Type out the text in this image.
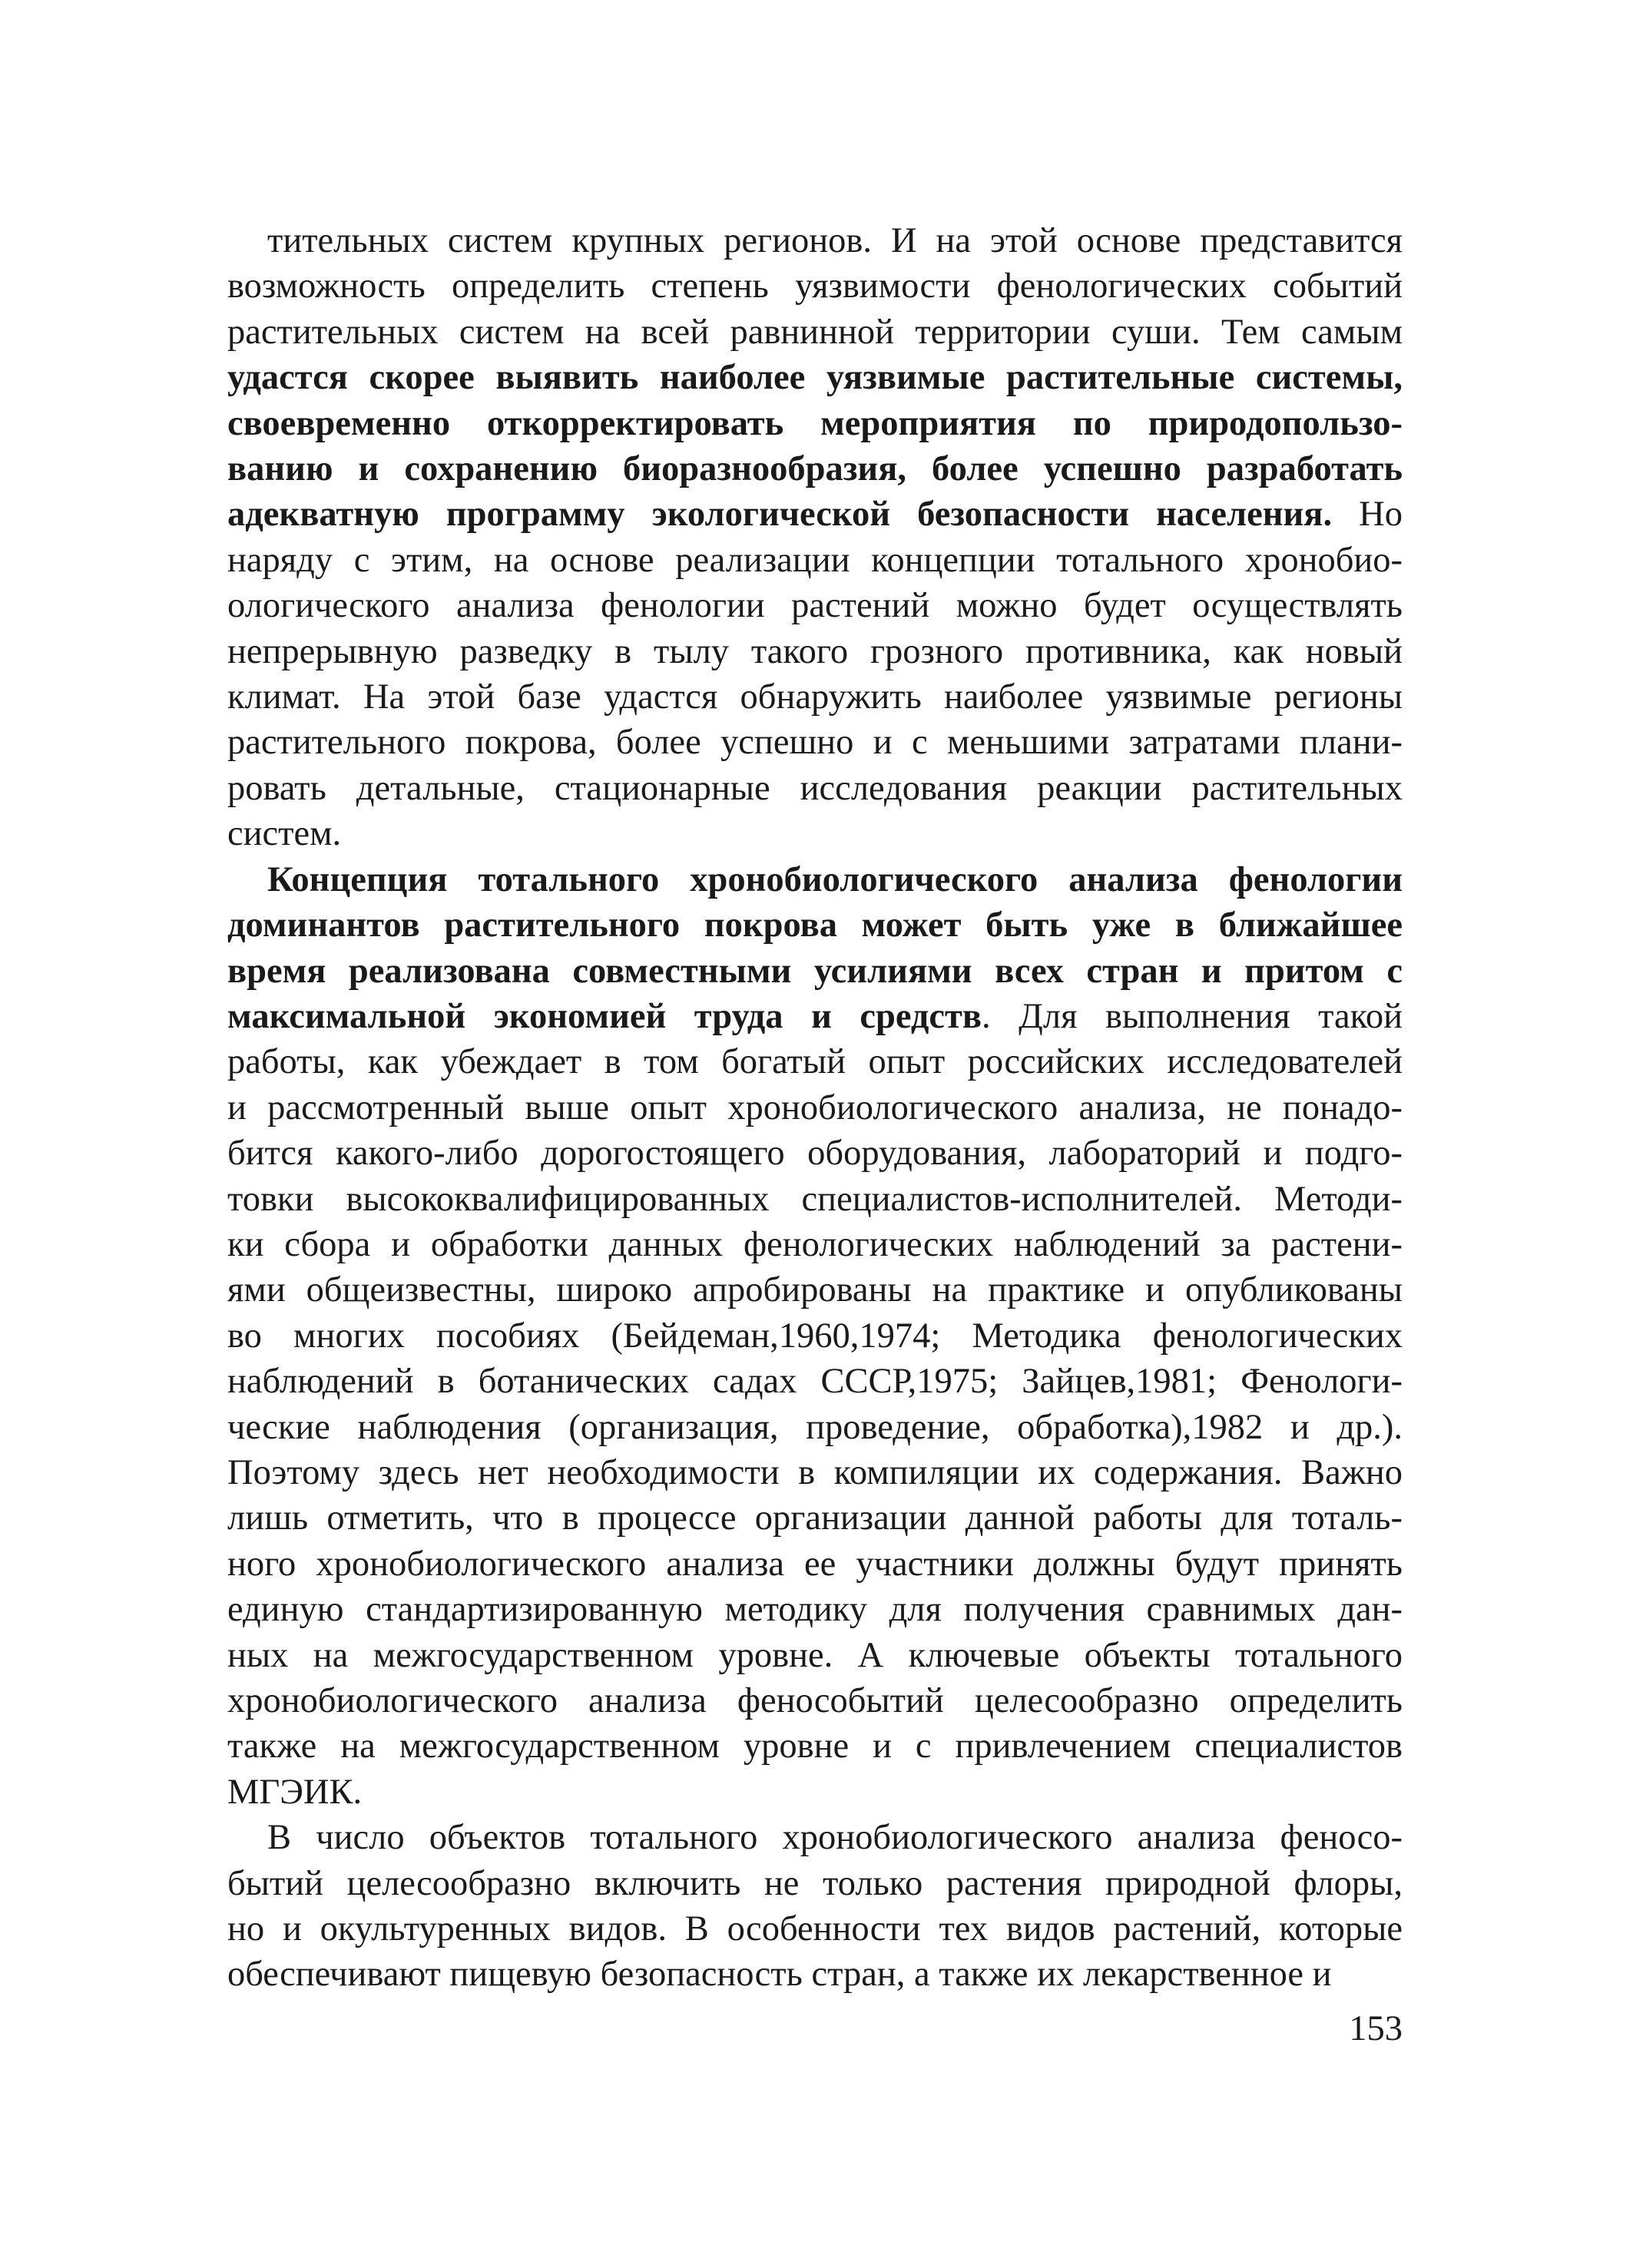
тительных систем крупных регионов. И на этой основе представится
возможность определить степень уязвимости фенологических событий
растительных систем на всей равнинной территории суши. Тем самым
удастся скорее выявить наиболее уязвимые растительные системы,
своевременно откорректировать мероприятия по природопользо-
ванию и сохранению биоразнообразия, более успешно разработать
адекватную программу экологической безопасности населения. Но
наряду с этим, на основе реализации концепции тотального хронобио-
ологического анализа фенологии растений можно будет осуществлять
непрерывную разведку в тылу такого грозного противника, как новый
климат. На этой базе удастся обнаружить наиболее уязвимые регионы
растительного покрова, более успешно и с меньшими затратами плани-
ровать детальные, стационарные исследования реакции растительных
систем.
Концепция тотального хронобиологического анализа фенологии
доминантов растительного покрова может быть уже в ближайшее
время реализована совместными усилиями всех стран и притом с
максимальной экономией труда и средств. Для выполнения такой
работы, как убеждает в том богатый опыт российских исследователей
и рассмотренный выше опыт хронобиологического анализа, не понадо-
бится какого-либо дорогостоящего оборудования, лабораторий и подго-
товки высококвалифицированных специалистов-исполнителей. Методи-
ки сбора и обработки данных фенологических наблюдений за растени-
ями общеизвестны, широко апробированы на практике и опубликованы
во многих пособиях (Бейдеман,1960,1974; Методика фенологических
наблюдений в ботанических садах СССР,1975; Зайцев,1981; Фенологи-
ческие наблюдения (организация, проведение, обработка),1982 и др.).
Поэтому здесь нет необходимости в компиляции их содержания. Важно
лишь отметить, что в процессе организации данной работы для тоталь-
ного хронобиологического анализа ее участники должны будут принять
единую стандартизированную методику для получения сравнимых дан-
ных на межгосударственном уровне. А ключевые объекты тотального
хронобиологического анализа фенособытий целесообразно определить
также на межгосударственном уровне и с привлечением специалистов
МГЭИК.
В число объектов тотального хронобиологического анализа феносо-
бытий целесообразно включить не только растения природной флоры,
но и окультуренных видов. В особенности тех видов растений, которые
обеспечивают пищевую безопасность стран, а также их лекарственное и
153
